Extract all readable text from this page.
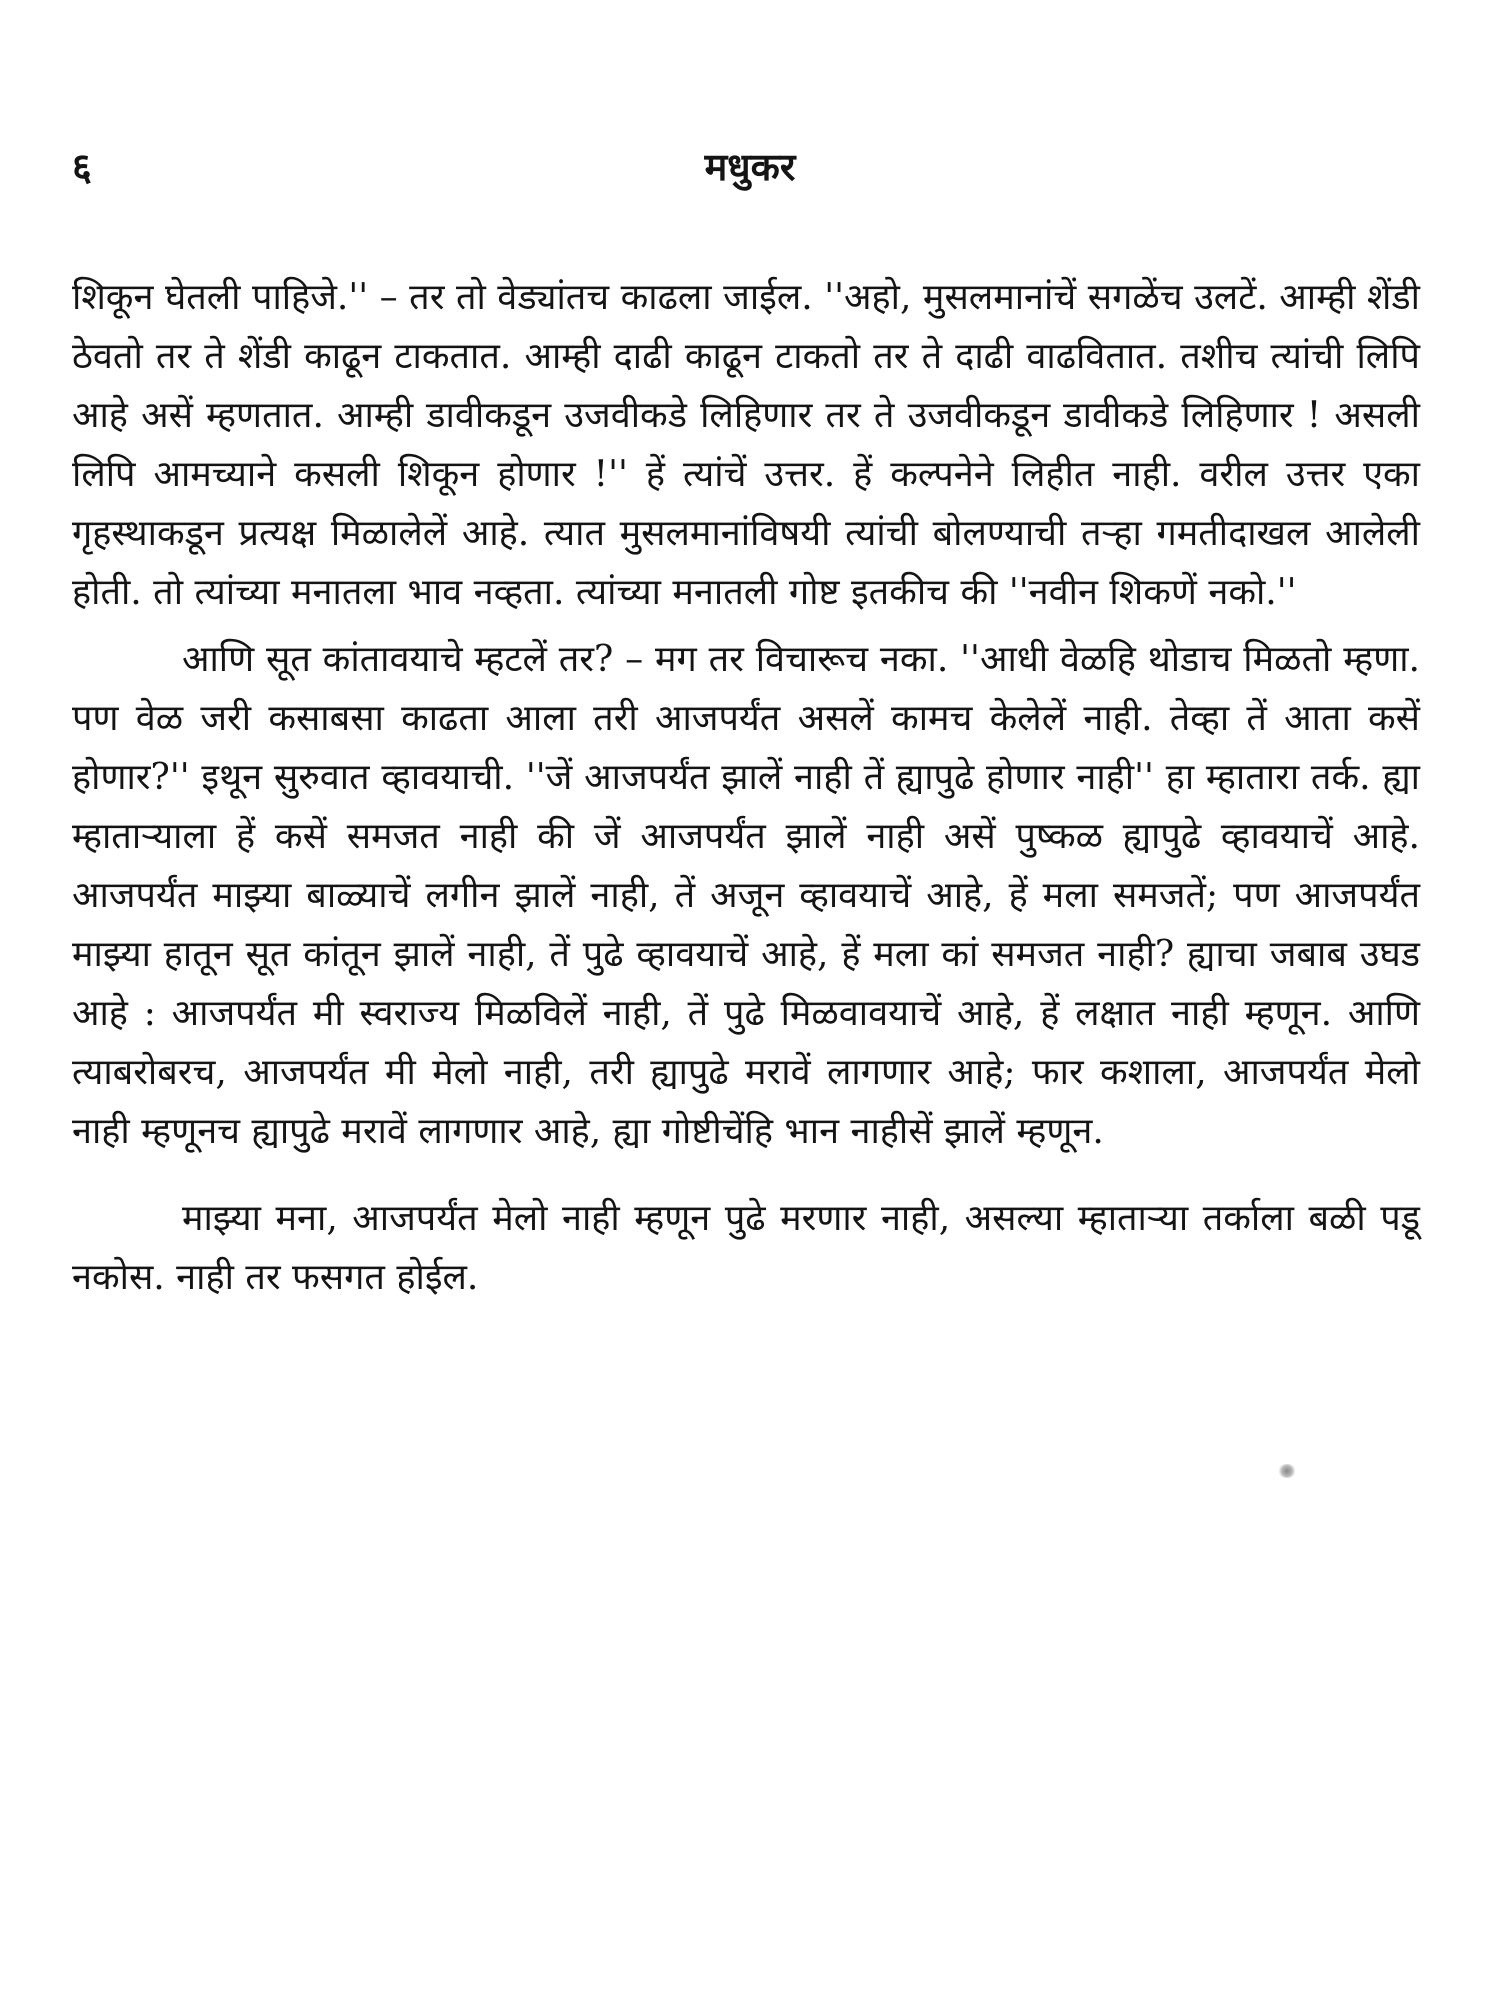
६	मधुकर

शिकून घेतली पाहिजे.'' – तर तो वेड्यांतच काढला जाईल. ''अहो, मुसलमानांचें सगळेंच उलटें. आम्ही शेंडी ठेवतो तर ते शेंडी काढून टाकतात. आम्ही दाढी काढून टाकतो तर ते दाढी वाढवितात. तशीच त्यांची लिपि आहे असें म्हणतात. आम्ही डावीकडून उजवीकडे लिहिणार तर ते उजवीकडून डावीकडे लिहिणार ! असली लिपि आमच्याने कसली शिकून होणार !'' हें त्यांचें उत्तर. हें कल्पनेने लिहीत नाही. वरील उत्तर एका गृहस्थाकडून प्रत्यक्ष मिळालेलें आहे. त्यात मुसलमानांविषयी त्यांची बोलण्याची तऱ्हा गमतीदाखल आलेली होती. तो त्यांच्या मनातला भाव नव्हता. त्यांच्या मनातली गोष्ट इतकीच की ''नवीन शिकणें नको.''

आणि सूत कांतावयाचे म्हटलें तर? – मग तर विचारूच नका. ''आधी वेळहि थोडाच मिळतो म्हणा. पण वेळ जरी कसाबसा काढता आला तरी आजपर्यंत असलें कामच केलेलें नाही. तेव्हा तें आता कसें होणार?'' इथून सुरुवात व्हावयाची. ''जें आजपर्यंत झालें नाही तें ह्यापुढे होणार नाही'' हा म्हातारा तर्क. ह्या म्हाताऱ्याला हें कसें समजत नाही की जें आजपर्यंत झालें नाही असें पुष्कळ ह्यापुढे व्हावयाचें आहे. आजपर्यंत माझ्या बाळ्याचें लगीन झालें नाही, तें अजून व्हावयाचें आहे, हें मला समजतें; पण आजपर्यंत माझ्या हातून सूत कांतून झालें नाही, तें पुढे व्हावयाचें आहे, हें मला कां समजत नाही? ह्याचा जबाब उघड आहे : आजपर्यंत मी स्वराज्य मिळविलें नाही, तें पुढे मिळवावयाचें आहे, हें लक्षात नाही म्हणून. आणि त्याबरोबरच, आजपर्यंत मी मेलो नाही, तरी ह्यापुढे मरावें लागणार आहे; फार कशाला, आजपर्यंत मेलो नाही म्हणूनच ह्यापुढे मरावें लागणार आहे, ह्या गोष्टीचेंहि भान नाहीसें झालें म्हणून.

माझ्या मना, आजपर्यंत मेलो नाही म्हणून पुढे मरणार नाही, असल्या म्हाताऱ्या तर्काला बळी पडू नकोस. नाही तर फसगत होईल.
